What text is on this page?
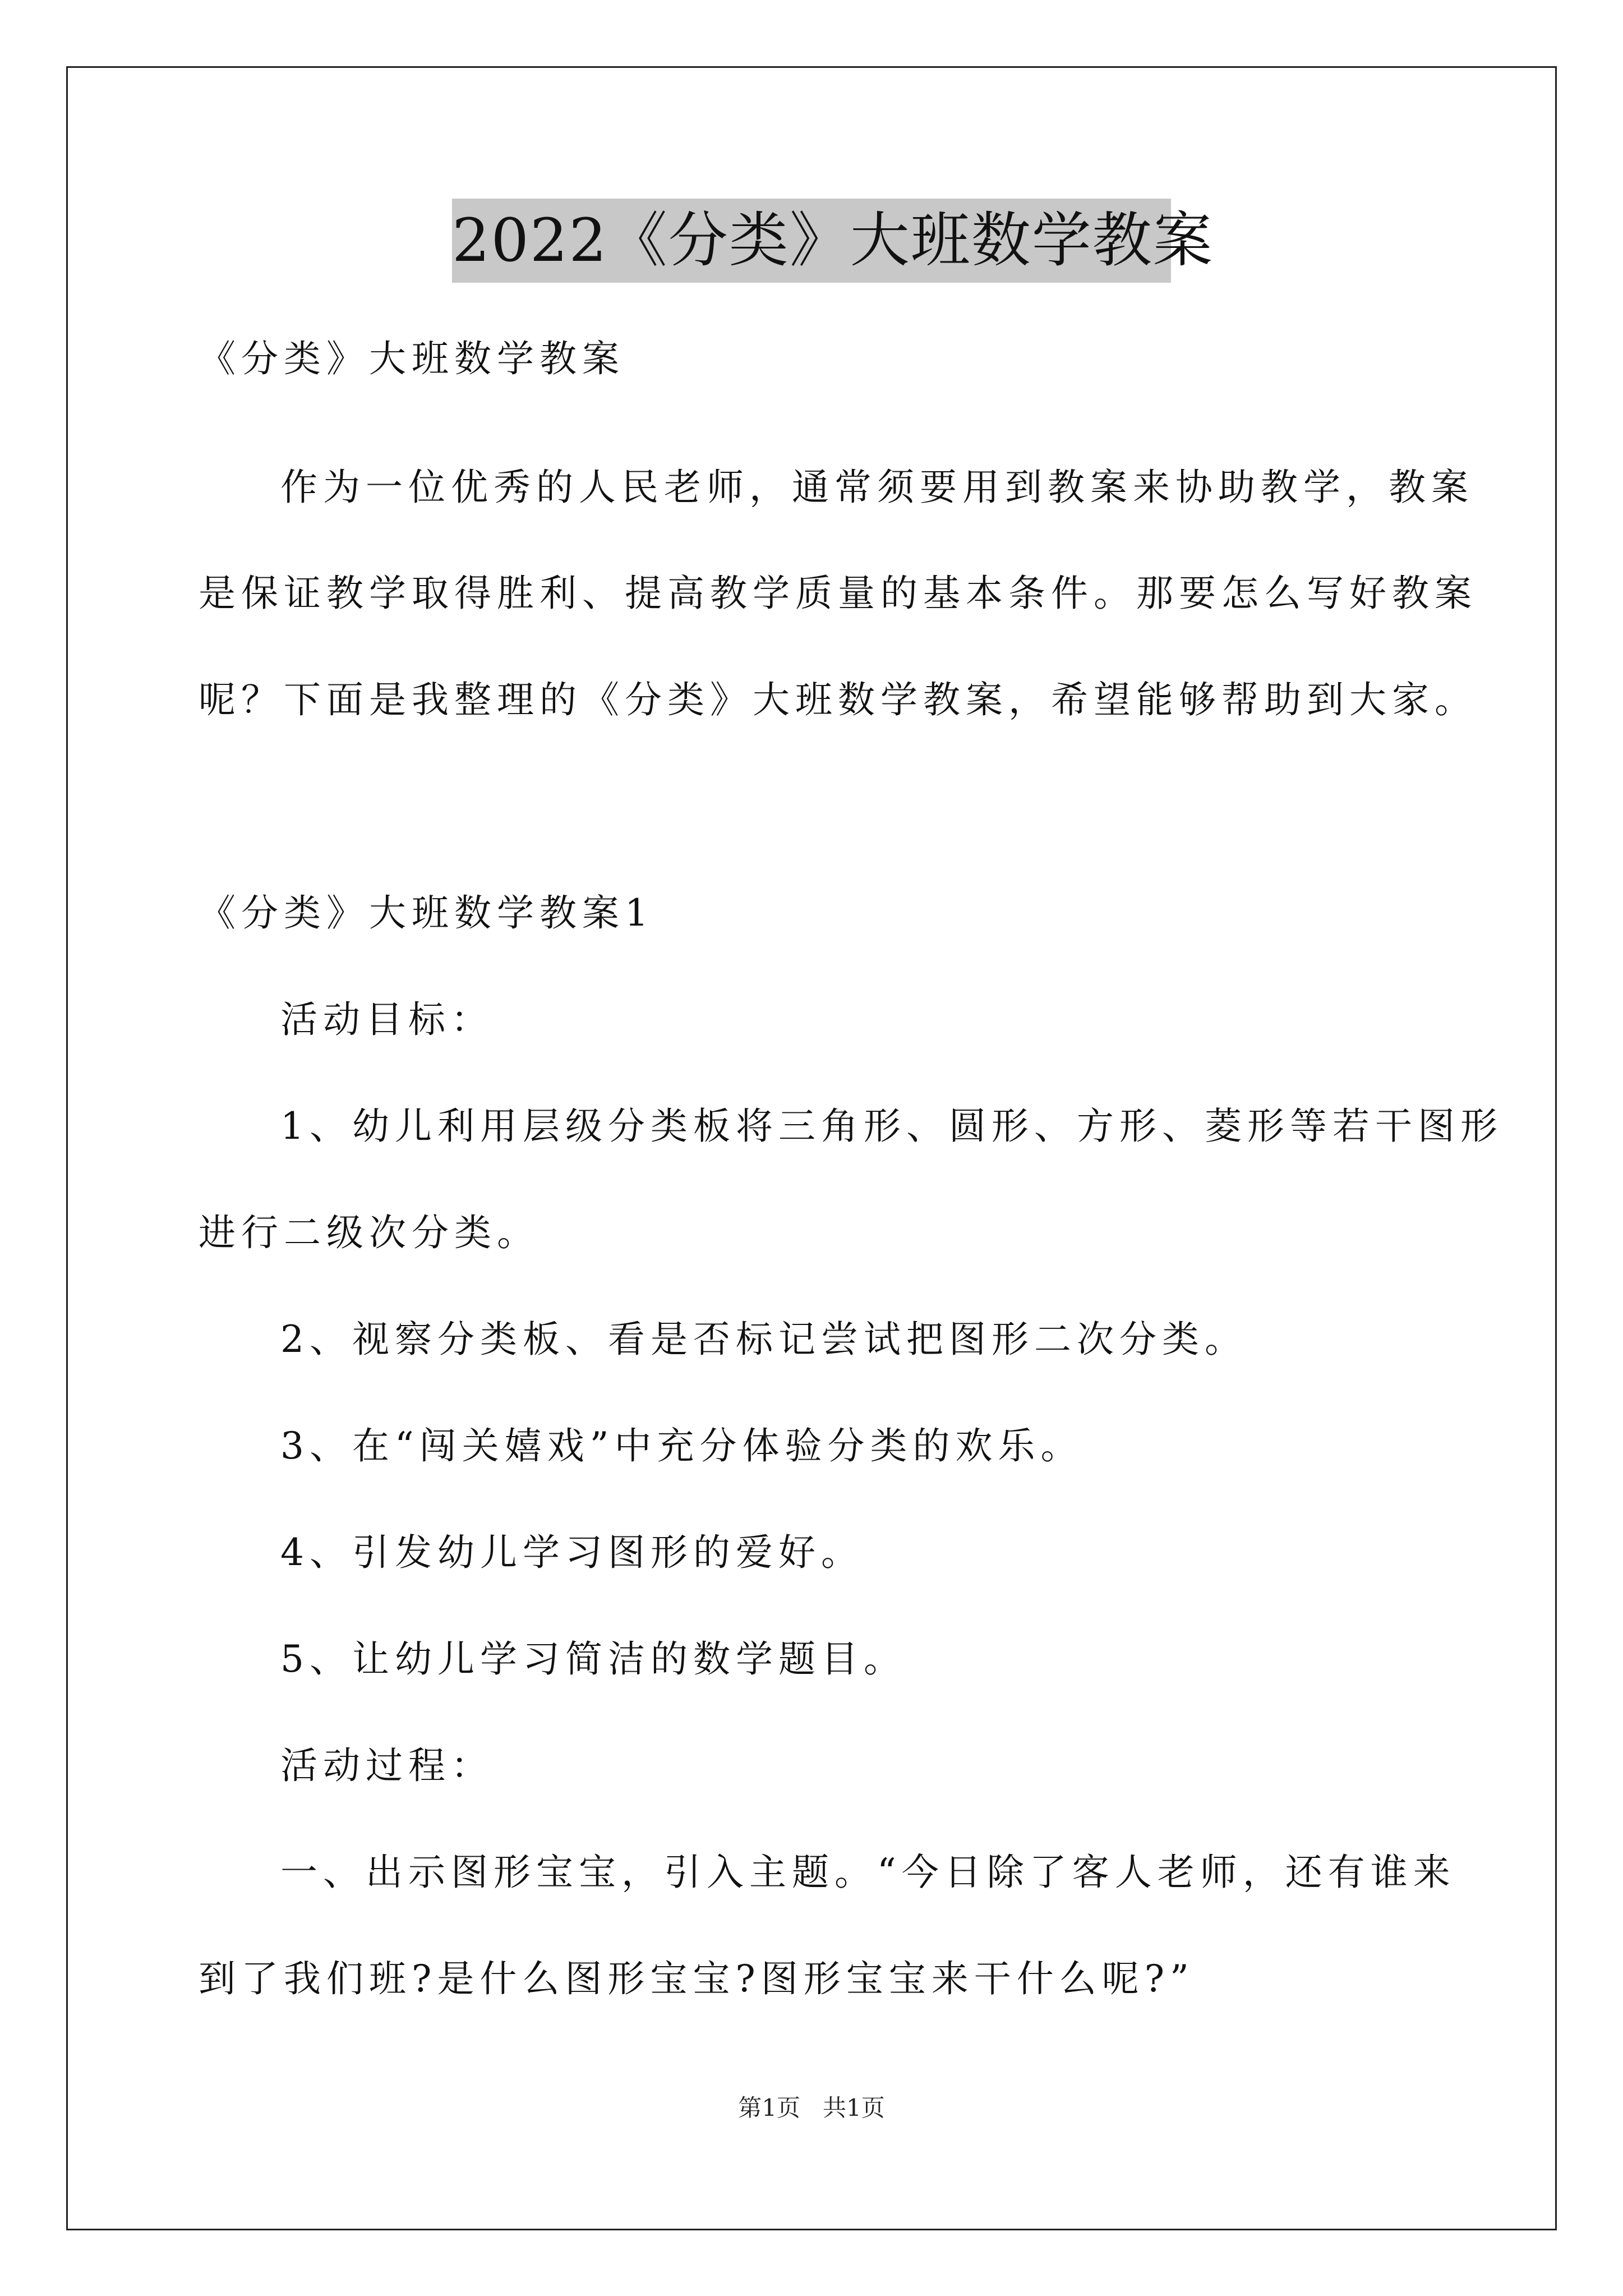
2022《分类》大班数学教案
《分类》大班数学教案
作为一位优秀的人民老师，通常须要用到教案来协助教学，教案
是保证教学取得胜利、提高教学质量的基本条件。那要怎么写好教案
呢？下面是我整理的《分类》大班数学教案，希望能够帮助到大家。
《分类》大班数学教案1
活动目标：
1、幼儿利用层级分类板将三角形、圆形、方形、菱形等若干图形
进行二级次分类。
2、视察分类板、看是否标记尝试把图形二次分类。
3、在“闯关嬉戏”中充分体验分类的欢乐。
4、引发幼儿学习图形的爱好。
5、让幼儿学习简洁的数学题目。
活动过程：
一、出示图形宝宝，引入主题。“今日除了客人老师，还有谁来
到了我们班?是什么图形宝宝?图形宝宝来干什么呢?”
第1页   共1页
